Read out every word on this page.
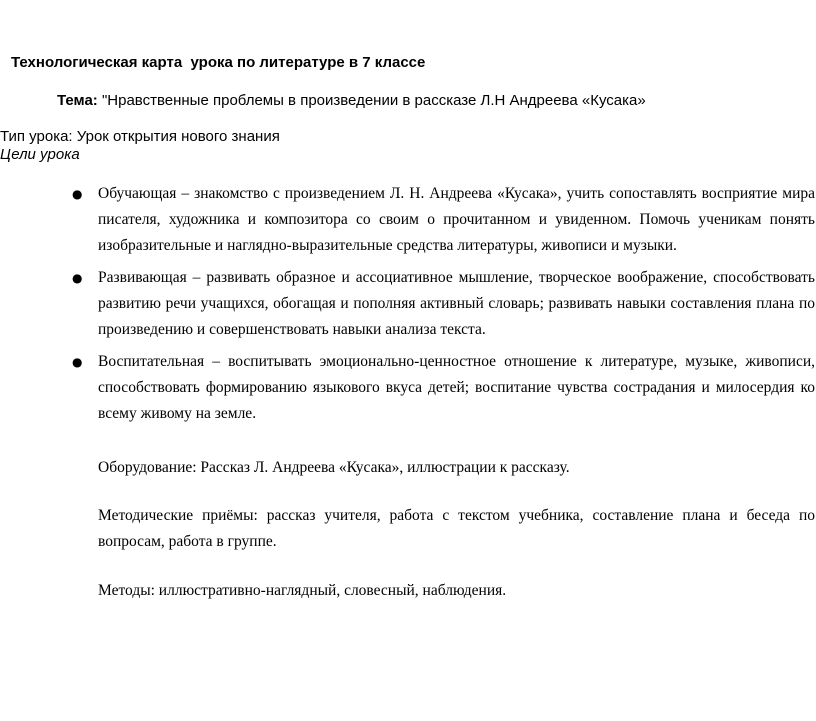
Технологическая карта  урока по литературе в 7 классе
Тема: "Нравственные проблемы в произведении в рассказе Л.Н Андреева «Кусака»
Тип урока: Урок открытия нового знания
Цели урока
● Обучающая – знакомство с произведением Л. Н. Андреева «Кусака», учить сопоставлять восприятие мира писателя, художника и композитора со своим о прочитанном и увиденном. Помочь ученикам понять изобразительные и наглядно-выразительные средства литературы, живописи и музыки.
● Развивающая – развивать образное и ассоциативное мышление, творческое воображение, способствовать развитию речи учащихся, обогащая и пополняя активный словарь; развивать навыки составления плана по произведению и совершенствовать навыки анализа текста.
● Воспитательная – воспитывать эмоционально-ценностное отношение к литературе, музыке, живописи, способствовать формированию языкового вкуса детей; воспитание чувства сострадания и милосердия ко всему живому на земле.

Оборудование: Рассказ Л. Андреева «Кусака», иллюстрации к рассказу.

Методические приёмы: рассказ учителя, работа с текстом учебника, составление плана и беседа по вопросам, работа в группе.

Методы: иллюстративно-наглядный, словесный, наблюдения.
